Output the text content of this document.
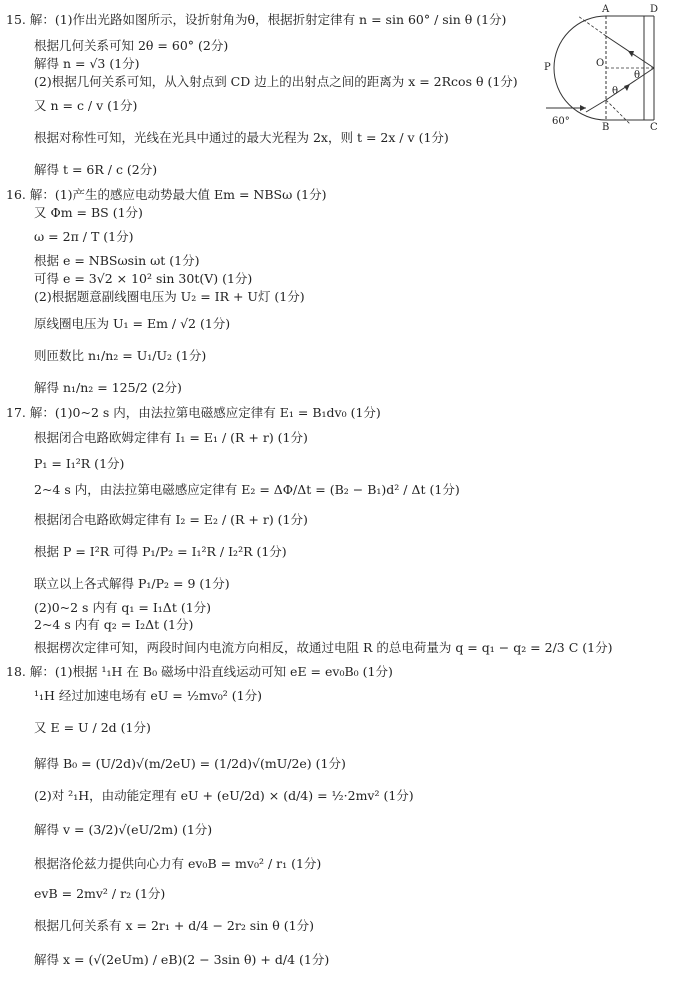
A	D
P	O
θ
θ
B	C
60°
15. 解：(1)作出光路如图所示，设折射角为θ，根据折射定律有 n = sin 60° / sin θ (1分)
根据几何关系可知 2θ = 60° (2分)
解得 n = √3 (1分)
(2)根据几何关系可知，从入射点到 CD 边上的出射点之间的距离为 x = 2Rcos θ (1分)
又 n = c / v (1分)
根据对称性可知，光线在光具中通过的最大光程为 2x，则 t = 2x / v (1分)
解得 t = 6R / c (2分)
16. 解：(1)产生的感应电动势最大值 Em = NBSω (1分)
又 Φm = BS (1分)
ω = 2π / T (1分)
根据 e = NBSωsin ωt (1分)
可得 e = 3√2 × 10² sin 30t(V) (1分)
(2)根据题意副线圈电压为 U₂ = IR + U灯 (1分)
原线圈电压为 U₁ = Em / √2 (1分)
则匝数比 n₁/n₂ = U₁/U₂ (1分)
解得 n₁/n₂ = 125/2 (2分)
17. 解：(1)0~2 s 内，由法拉第电磁感应定律有 E₁ = B₁dv₀ (1分)
根据闭合电路欧姆定律有 I₁ = E₁ / (R + r) (1分)
P₁ = I₁²R (1分)
2~4 s 内，由法拉第电磁感应定律有 E₂ = ΔΦ/Δt = (B₂ − B₁)d² / Δt (1分)
根据闭合电路欧姆定律有 I₂ = E₂ / (R + r) (1分)
根据 P = I²R 可得 P₁/P₂ = I₁²R / I₂²R (1分)
联立以上各式解得 P₁/P₂ = 9 (1分)
(2)0~2 s 内有 q₁ = I₁Δt (1分)
2~4 s 内有 q₂ = I₂Δt (1分)
根据楞次定律可知，两段时间内电流方向相反，故通过电阻 R 的总电荷量为 q = q₁ − q₂ = 2/3 C (1分)
18. 解：(1)根据 ¹₁H 在 B₀ 磁场中沿直线运动可知 eE = ev₀B₀ (1分)
¹₁H 经过加速电场有 eU = ½mv₀² (1分)
又 E = U / 2d (1分)
解得 B₀ = (U/2d)√(m/2eU) = (1/2d)√(mU/2e) (1分)
(2)对 ²₁H，由动能定理有 eU + (eU/2d) × (d/4) = ½·2mv² (1分)
解得 v = (3/2)√(eU/2m) (1分)
根据洛伦兹力提供向心力有 ev₀B = mv₀² / r₁ (1分)
evB = 2mv² / r₂ (1分)
根据几何关系有 x = 2r₁ + d/4 − 2r₂ sin θ (1分)
解得 x = (√(2eUm) / eB)(2 − 3sin θ) + d/4 (1分)
